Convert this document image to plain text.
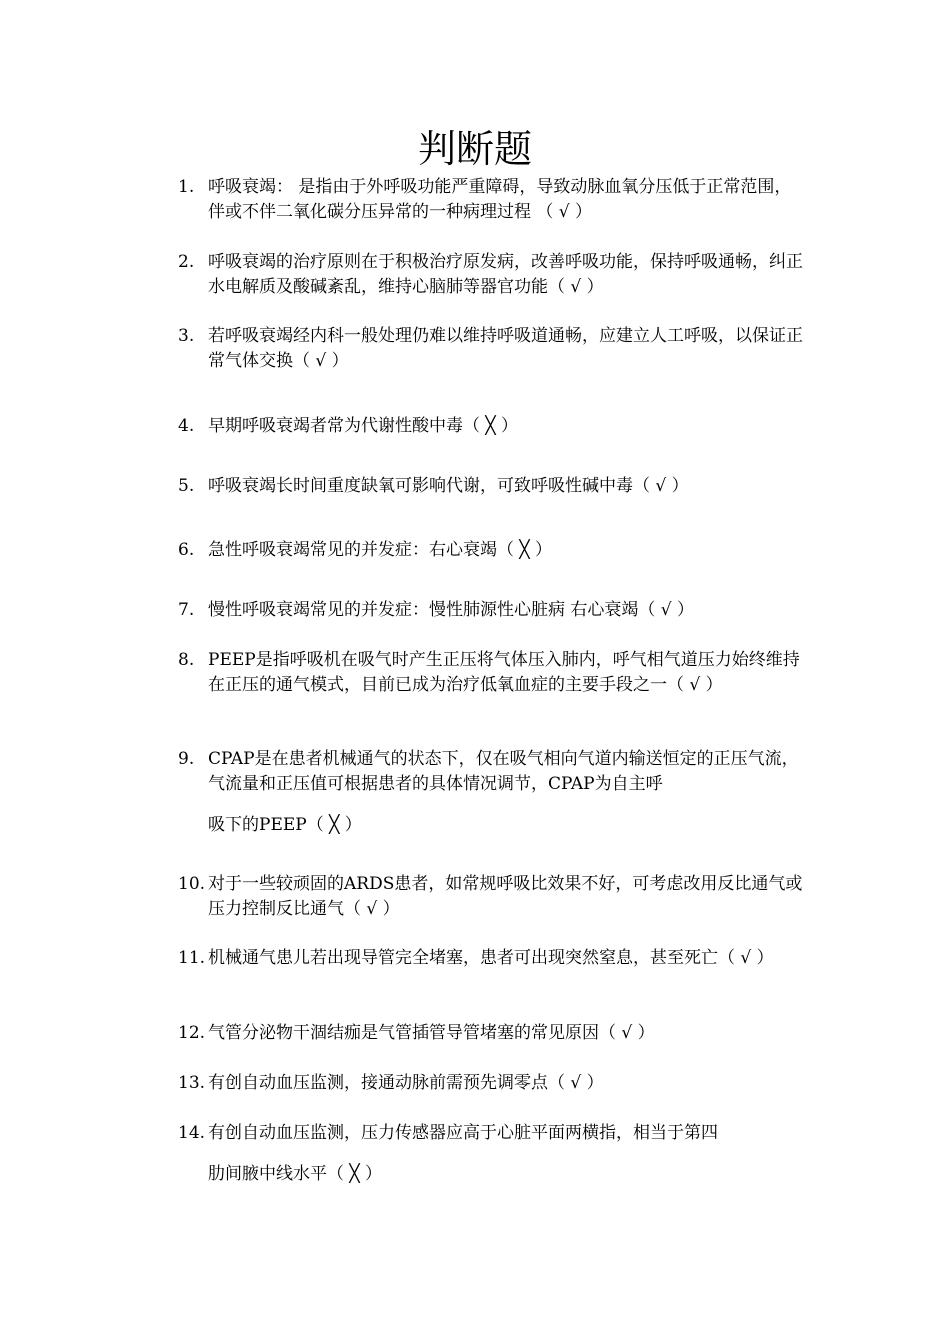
判断题
1. 呼吸衰竭： 是指由于外呼吸功能严重障碍，导致动脉血氧分压低于正常范围，伴或不伴二氧化碳分压异常的一种病理过程 （ √ ）
2. 呼吸衰竭的治疗原则在于积极治疗原发病，改善呼吸功能，保持呼吸通畅，纠正水电解质及酸碱紊乱，维持心脑肺等器官功能（ √ ）
3. 若呼吸衰竭经内科一般处理仍难以维持呼吸道通畅，应建立人工呼吸，以保证正常气体交换（ √ ）
4. 早期呼吸衰竭者常为代谢性酸中毒（ ╳ ）
5. 呼吸衰竭长时间重度缺氧可影响代谢，可致呼吸性碱中毒（ √ ）
6. 急性呼吸衰竭常见的并发症：右心衰竭（ ╳ ）
7. 慢性呼吸衰竭常见的并发症：慢性肺源性心脏病 右心衰竭（ √ ）
8. PEEP是指呼吸机在吸气时产生正压将气体压入肺内，呼气相气道压力始终维持在正压的通气模式，目前已成为治疗低氧血症的主要手段之一（ √ ）
9. CPAP是在患者机械通气的状态下，仅在吸气相向气道内输送恒定的正压气流，气流量和正压值可根据患者的具体情况调节，CPAP为自主呼
吸下的PEEP（ ╳ ）
10. 对于一些较顽固的ARDS患者，如常规呼吸比效果不好，可考虑改用反比通气或压力控制反比通气（ √ ）
11. 机械通气患儿若出现导管完全堵塞，患者可出现突然窒息，甚至死亡（ √ ）
12. 气管分泌物干涸结痂是气管插管导管堵塞的常见原因（ √ ）
13. 有创自动血压监测，接通动脉前需预先调零点（ √ ）
14. 有创自动血压监测，压力传感器应高于心脏平面两横指，相当于第四
肋间腋中线水平（ ╳ ）
